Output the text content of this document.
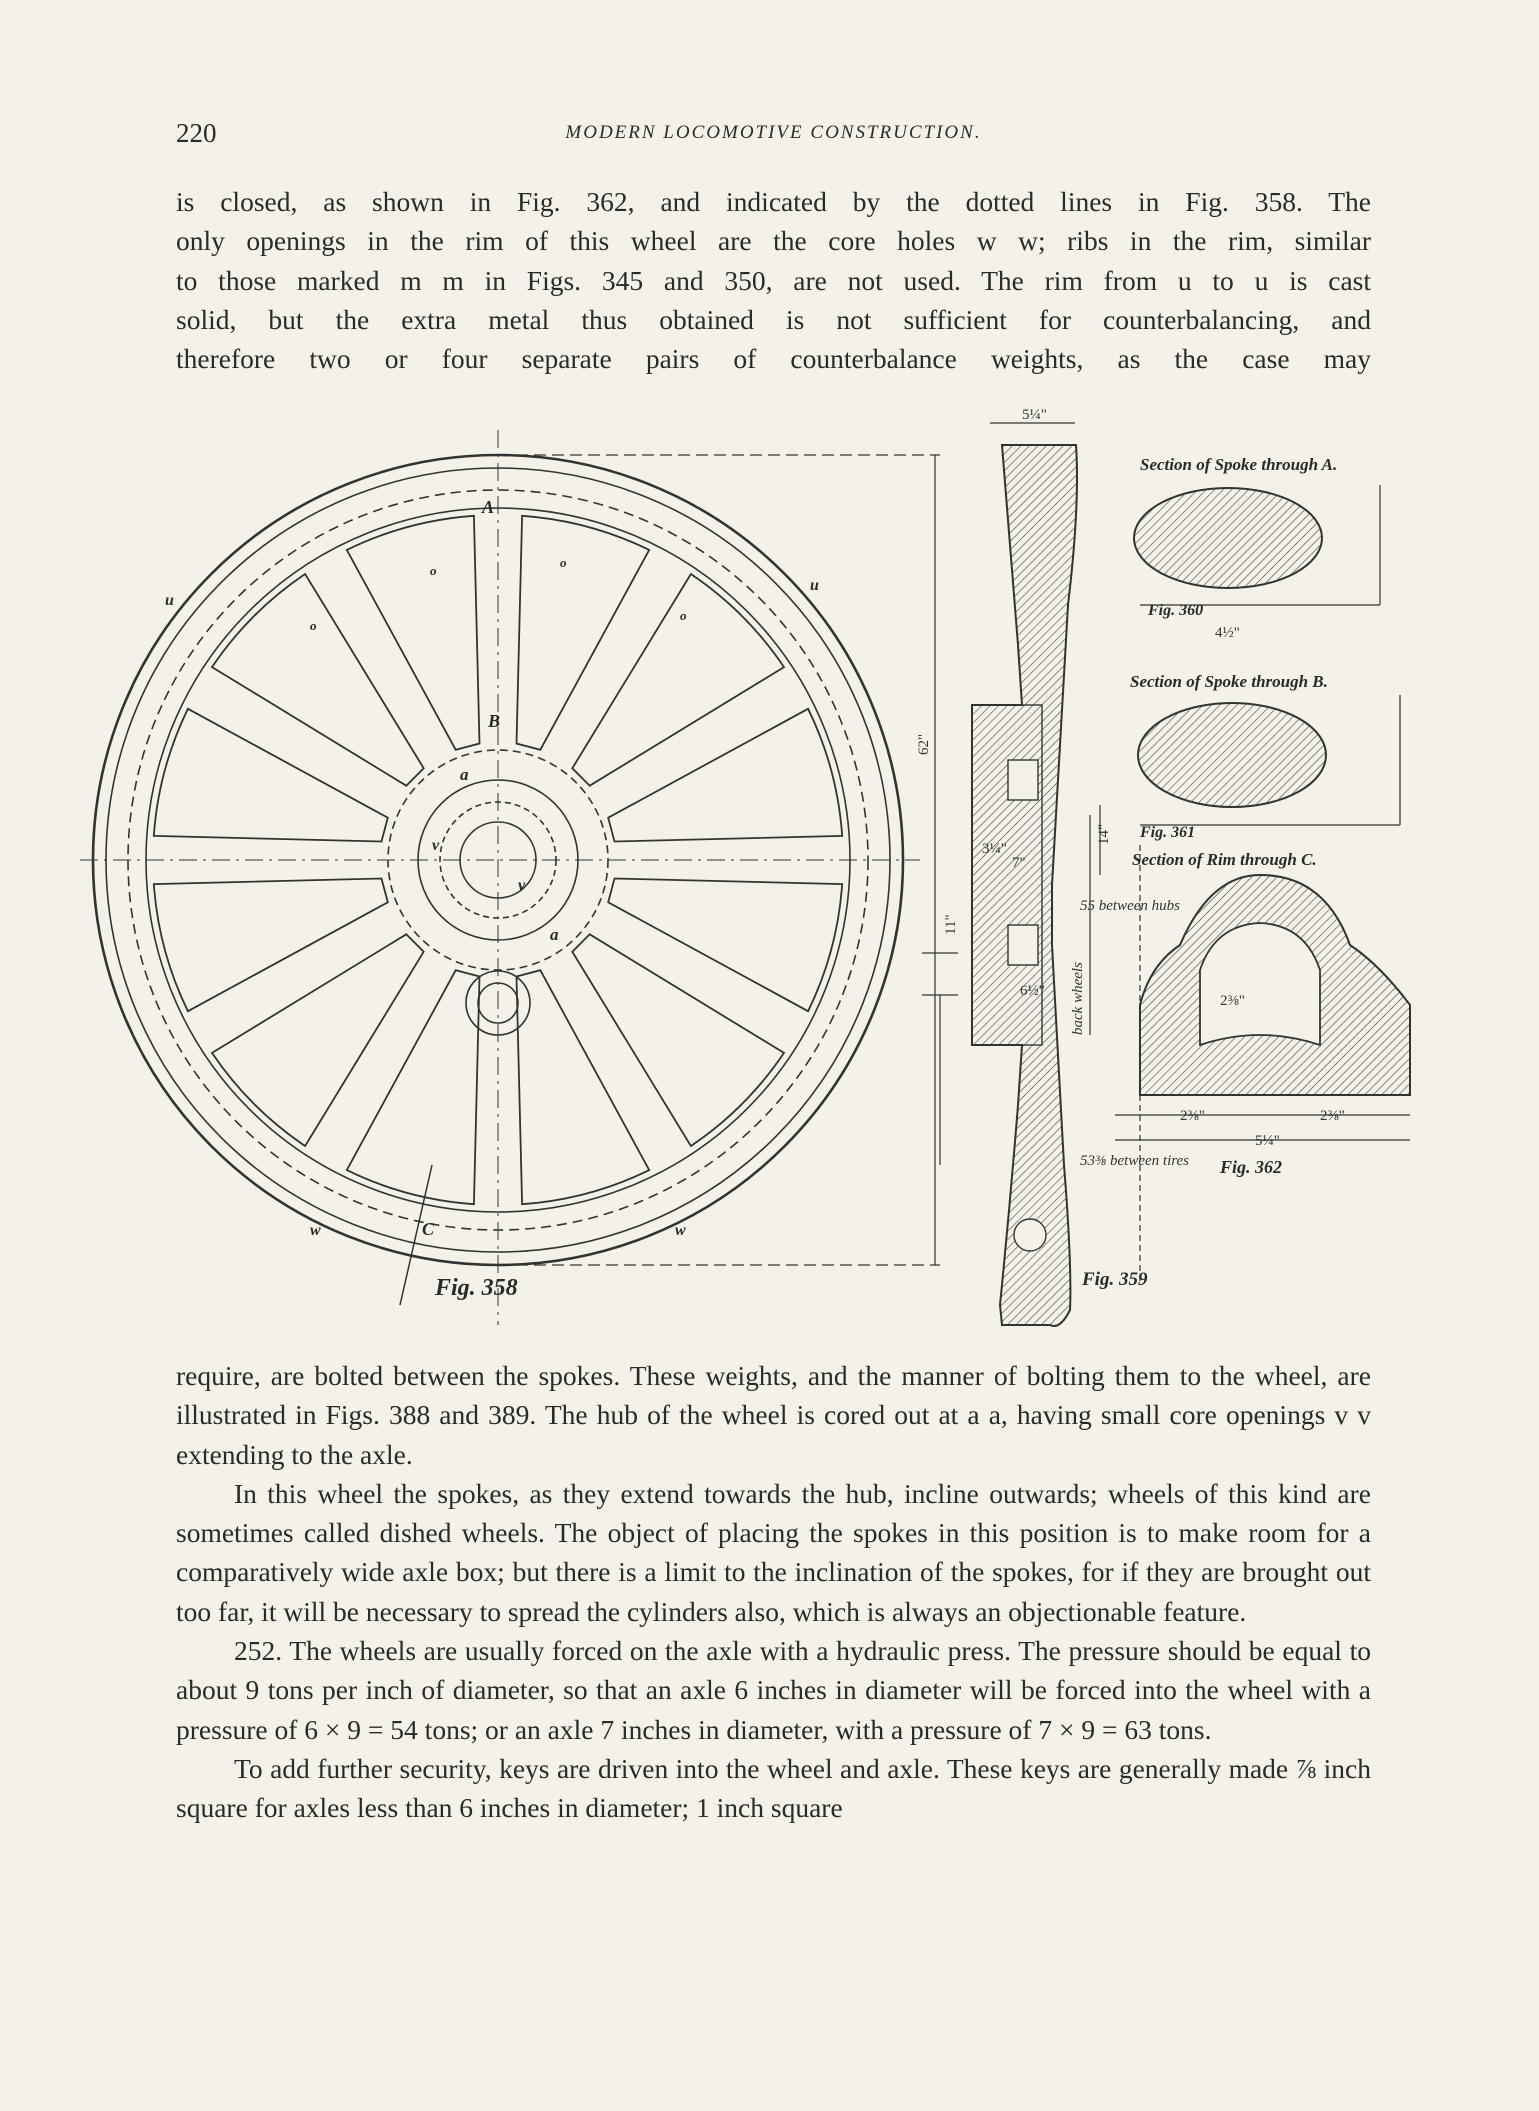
220	MODERN LOCOMOTIVE CONSTRUCTION.

is closed, as shown in Fig. 362, and indicated by the dotted lines in Fig. 358. The

only openings in the rim of this wheel are the core holes w w; ribs in the rim, similar

to those marked m m in Figs. 345 and 350, are not used. The rim from u to u is cast

solid, but the extra metal thus obtained is not sufficient for counterbalancing, and

therefore two or four separate pairs of counterbalance weights, as the case may

A
B
C
a
a
v
v
u
u
w	w
o
o
o
o
Fig. 358
62"
11"
5¼"
3¼"
7"
6½"
14"
back wheels
55 between hubs
53⅜ between tires
Fig. 359
Section of Spoke through A.
Fig. 360
4½"
Section of Spoke through B.
Fig. 361
Section of Rim through C.
2⅜"
2⅜"	2⅜"
5¼"
Fig. 362

require, are bolted between the spokes. These weights, and the manner of bolting them to the wheel, are illustrated in Figs. 388 and 389. The hub of the wheel is cored out at a a, having small core openings v v extending to the axle.

In this wheel the spokes, as they extend towards the hub, incline outwards; wheels of this kind are sometimes called dished wheels. The object of placing the spokes in this position is to make room for a comparatively wide axle box; but there is a limit to the inclination of the spokes, for if they are brought out too far, it will be necessary to spread the cylinders also, which is always an objectionable feature.

252. The wheels are usually forced on the axle with a hydraulic press. The pressure should be equal to about 9 tons per inch of diameter, so that an axle 6 inches in diameter will be forced into the wheel with a pressure of 6 × 9 = 54 tons; or an axle 7 inches in diameter, with a pressure of 7 × 9 = 63 tons.

To add further security, keys are driven into the wheel and axle. These keys are generally made ⅞ inch square for axles less than 6 inches in diameter; 1 inch square
